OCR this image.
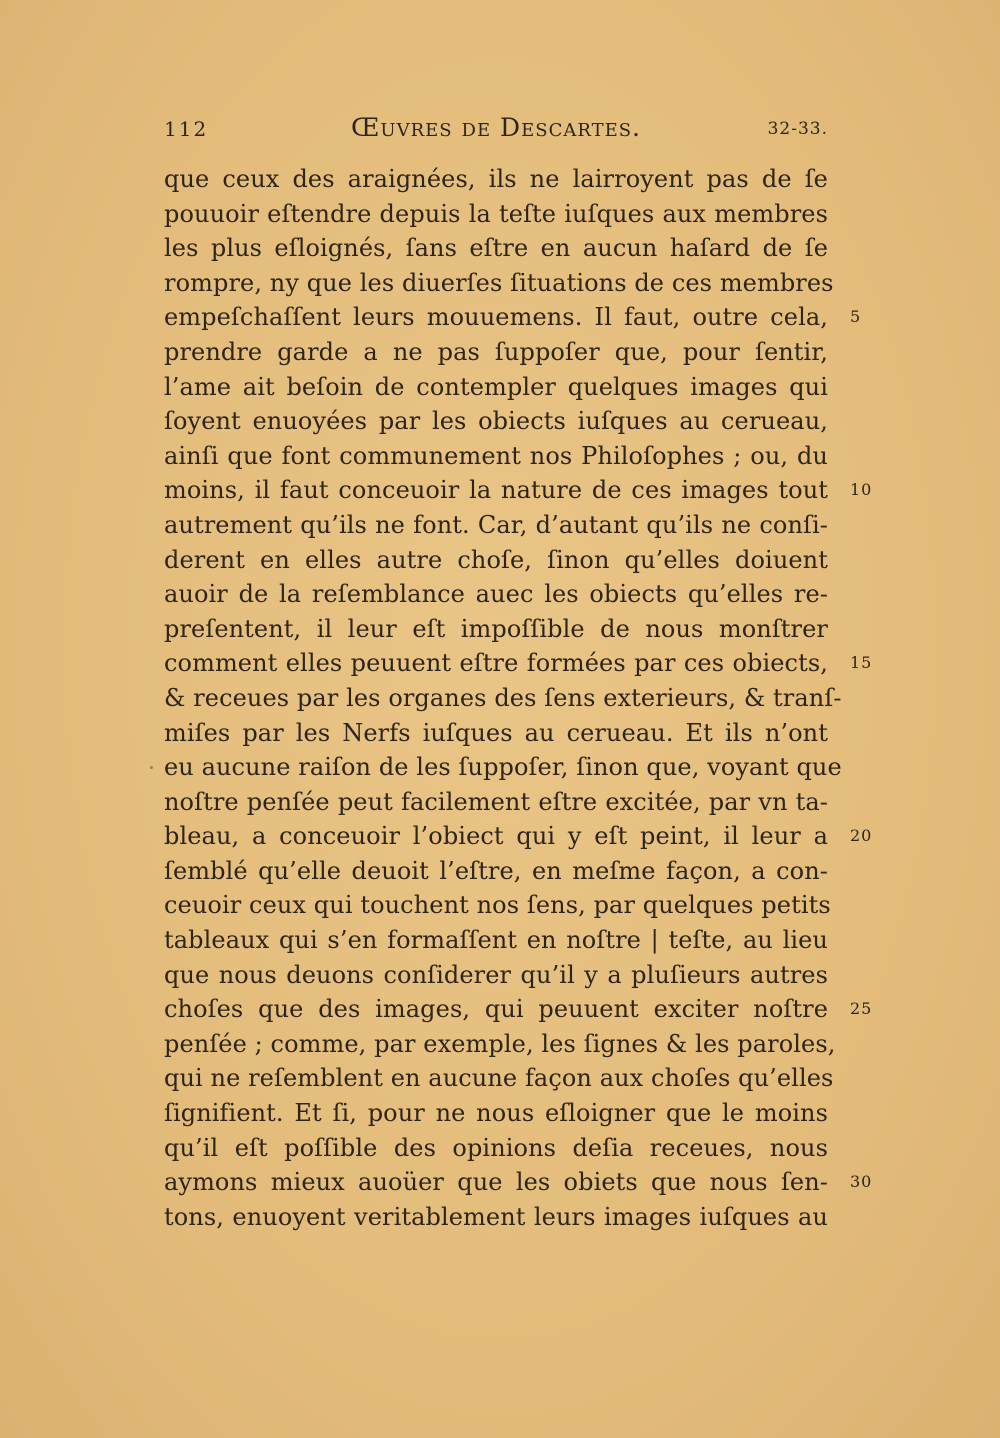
112	Œuvres de Descartes.	32-33.
que ceux des araignées, ils ne lairroyent pas de ſe
pouuoir eſtendre depuis la teſte iuſques aux membres
les plus eſloignés, ſans eſtre en aucun haſard de ſe
rompre, ny que les diuerſes ſituations de ces membres
empeſchaſſent leurs mouuemens. Il faut, outre cela,
prendre garde a ne pas ſuppoſer que, pour ſentir,
l’ame ait beſoin de contempler quelques images qui
ſoyent enuoyées par les obiects iuſques au cerueau,
ainſi que font communement nos Philoſophes ; ou, du
moins, il faut conceuoir la nature de ces images tout
autrement qu’ils ne font. Car, d’autant qu’ils ne conſi-
derent en elles autre choſe, ſinon qu’elles doiuent
auoir de la reſemblance auec les obiects qu’elles re-
preſentent, il leur eſt impoſſible de nous monſtrer
comment elles peuuent eſtre formées par ces obiects,
& receues par les organes des ſens exterieurs, & tranſ-
miſes par les Nerfs iuſques au cerueau. Et ils n’ont
eu aucune raiſon de les ſuppoſer, ſinon que, voyant que
noſtre penſée peut facilement eſtre excitée, par vn ta-
bleau, a conceuoir l’obiect qui y eſt peint, il leur a
ſemblé qu’elle deuoit l’eſtre, en meſme façon, a con-
ceuoir ceux qui touchent nos ſens, par quelques petits
tableaux qui s’en formaſſent en noſtre | teſte, au lieu
que nous deuons conſiderer qu’il y a pluſieurs autres
choſes que des images, qui peuuent exciter noſtre
penſée ; comme, par exemple, les ſignes & les paroles,
qui ne reſemblent en aucune façon aux choſes qu’elles
ſignifient. Et ſi, pour ne nous eſloigner que le moins
qu’il eſt poſſible des opinions deſia receues, nous
aymons mieux auoüer que les obiets que nous ſen-
tons, enuoyent veritablement leurs images iuſques au
5
10
15
20
25
30
